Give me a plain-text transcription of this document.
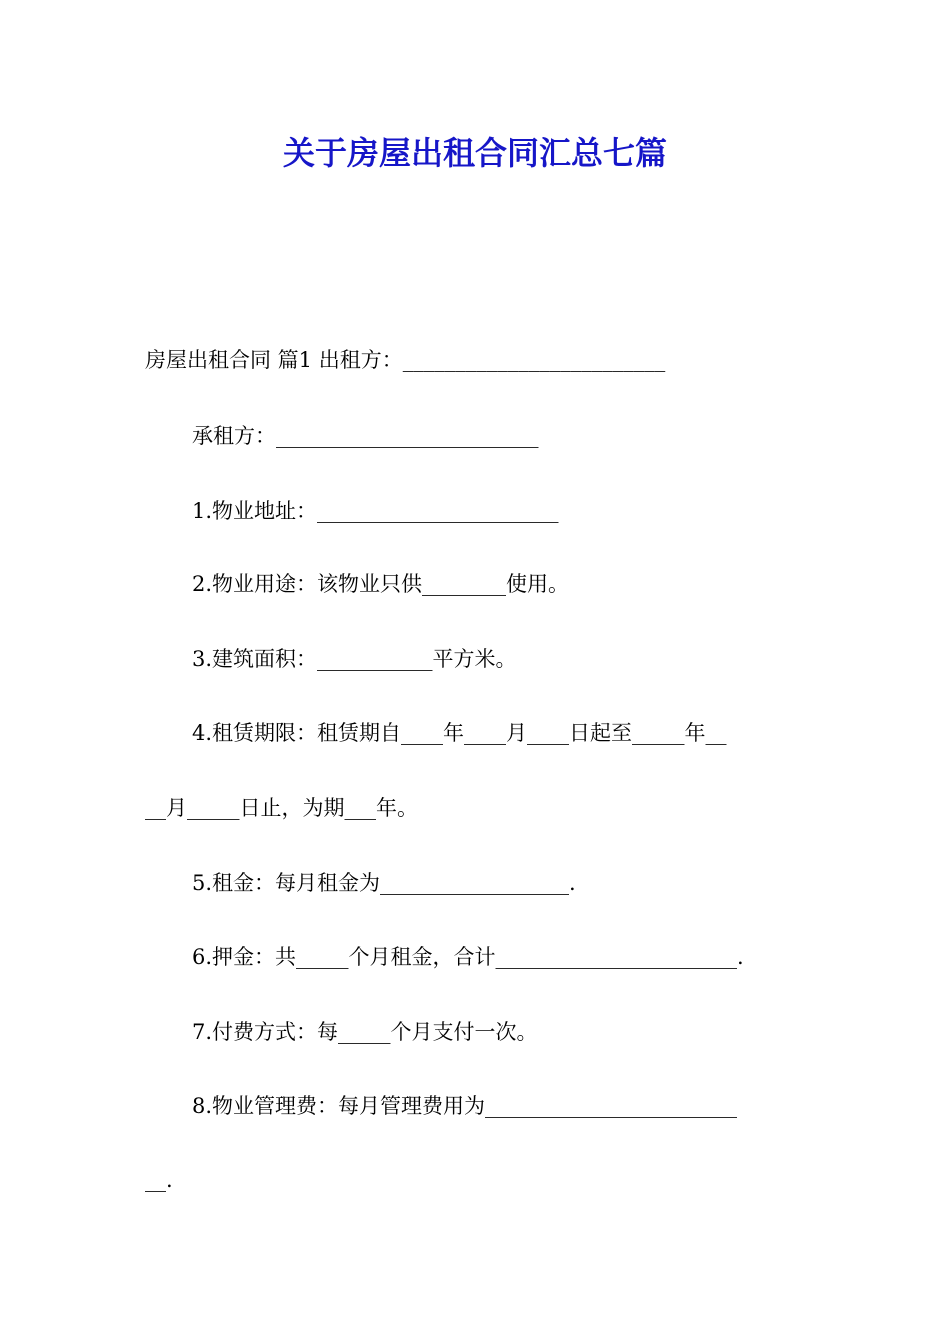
关于房屋出租合同汇总七篇
房屋出租合同 篇1 出租方：_________________________
承租方：_________________________
1.物业地址：_______________________
2.物业用途：该物业只供________使用。
3.建筑面积：___________平方米。
4.租赁期限：租赁期自____年____月____日起至_____年__
__月_____日止，为期___年。
5.租金：每月租金为__________________.
6.押金：共_____个月租金，合计_______________________.
7.付费方式：每_____个月支付一次。
8.物业管理费：每月管理费用为________________________
__.
